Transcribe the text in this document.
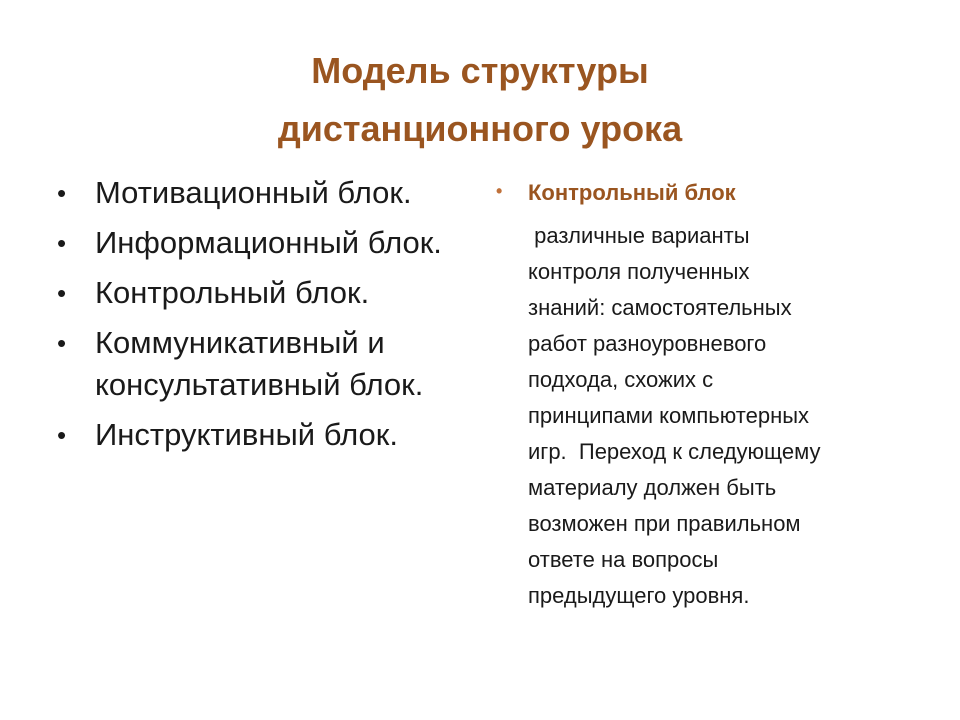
Модель структуры
дистанционного урока
• Мотивационный блок.
• Информационный блок.
• Контрольный блок.
• Коммуникативный и консультативный блок.
• Инструктивный блок.
• Контрольный блок
различные варианты
контроля полученных
знаний: самостоятельных
работ разноуровневого
подхода, схожих с
принципами компьютерных
игр.  Переход к следующему
материалу должен быть
возможен при правильном
ответе на вопросы
предыдущего уровня.
